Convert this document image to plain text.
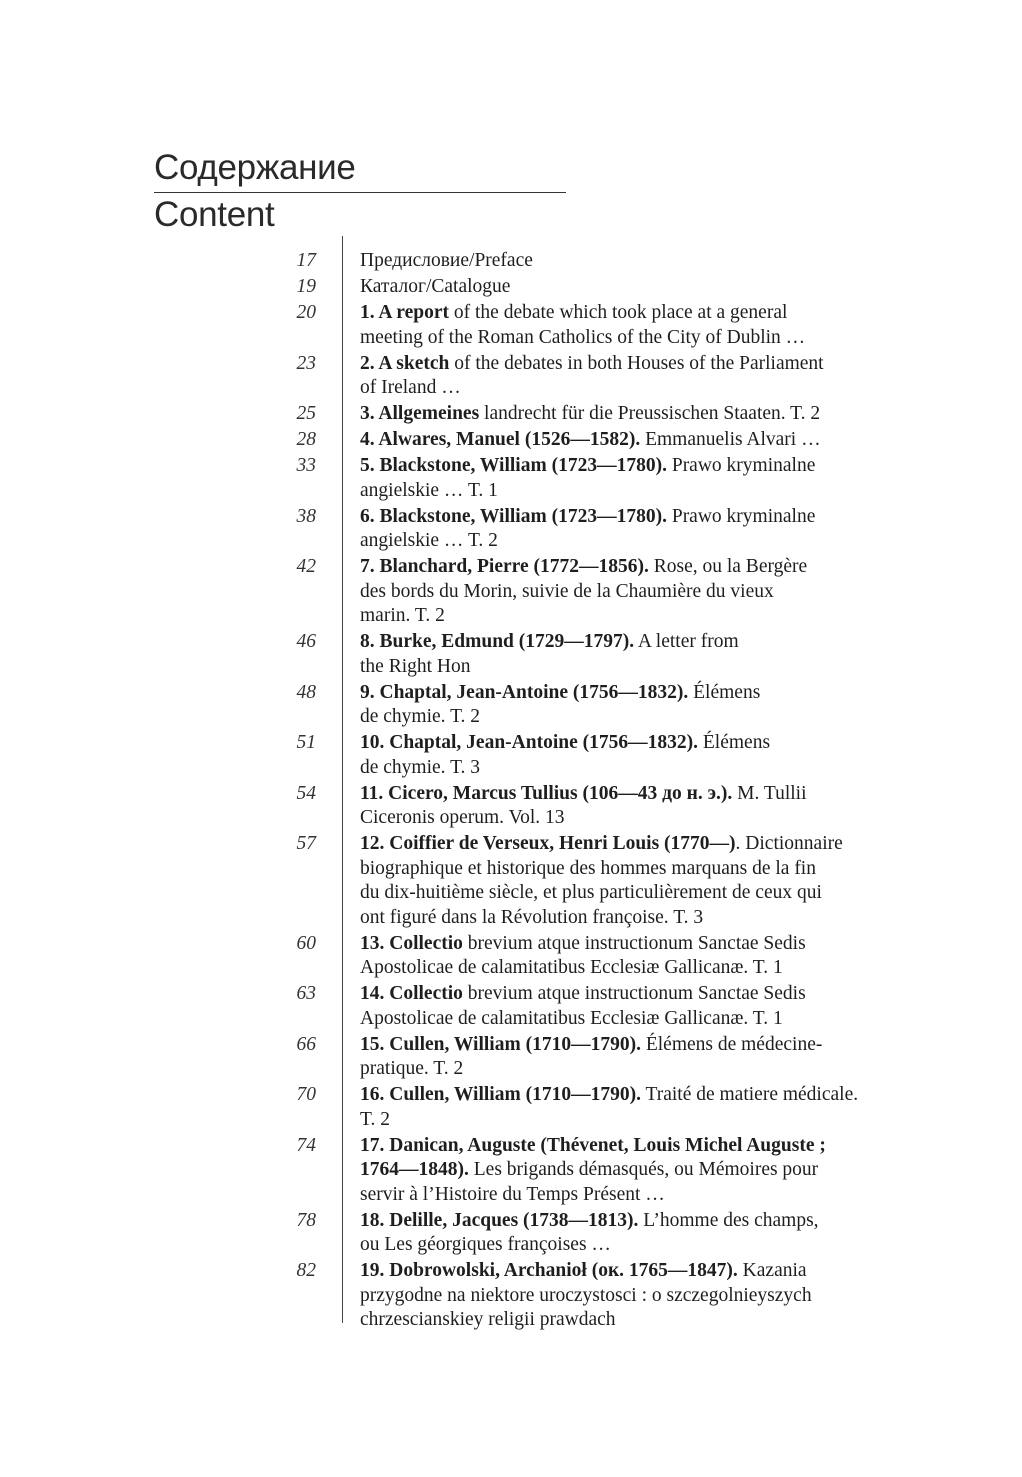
Содержание
Content
17 Предисловие/Preface
19 Каталог/Catalogue
20 1. A report of the debate which took place at a general
meeting of the Roman Catholics of the City of Dublin …
23 2. A sketch of the debates in both Houses of the Parliament
of Ireland …
25 3. Allgemeines landrecht für die Preussischen Staaten. T. 2
28 4. Alwares, Manuel (1526—1582). Emmanuelis Alvari …
33 5. Blackstone, William (1723—1780). Prawo kryminalne
angielskie … T. 1
38 6. Blackstone, William (1723—1780). Prawo kryminalne
angielskie … T. 2
42 7. Blanchard, Pierre (1772—1856). Rose, ou la Bergère
des bords du Morin, suivie de la Chaumière du vieux
marin. T. 2
46 8. Burke, Edmund (1729—1797). A letter from
the Right Hon
48 9. Chaptal, Jean-Antoine (1756—1832). Élémens
de chymie. T. 2
51 10. Chaptal, Jean-Antoine (1756—1832). Élémens
de chymie. T. 3
54 11. Cicero, Marcus Tullius (106—43 до н. э.). M. Tullii
Ciceronis operum. Vol. 13
57 12. Coiffier de Verseux, Henri Louis (1770—). Dictionnaire
biographique et historique des hommes marquans de la fin
du dix-huitième siècle, et plus particulièrement de ceux qui
ont figuré dans la Révolution françoise. T. 3
60 13. Collectio brevium atque instructionum Sanctae Sedis
Apostolicae de calamitatibus Ecclesiæ Gallicanæ. T. 1
63 14. Collectio brevium atque instructionum Sanctae Sedis
Apostolicae de calamitatibus Ecclesiæ Gallicanæ. T. 1
66 15. Cullen, William (1710—1790). Élémens de médecine-
pratique. T. 2
70 16. Cullen, William (1710—1790). Traité de matiere médicale.
T. 2
74 17. Danican, Auguste (Thévenet, Louis Michel Auguste ;
1764—1848). Les brigands démasqués, ou Mémoires pour
servir à l’Histoire du Temps Présent …
78 18. Delille, Jacques (1738—1813). L’homme des champs,
ou Les géorgiques françoises …
82 19. Dobrowolski, Archanioł (ок. 1765—1847). Kazania
przygodne na niektore uroczystosci : o szczegolnieyszych
chrzescianskiey religii prawdach
